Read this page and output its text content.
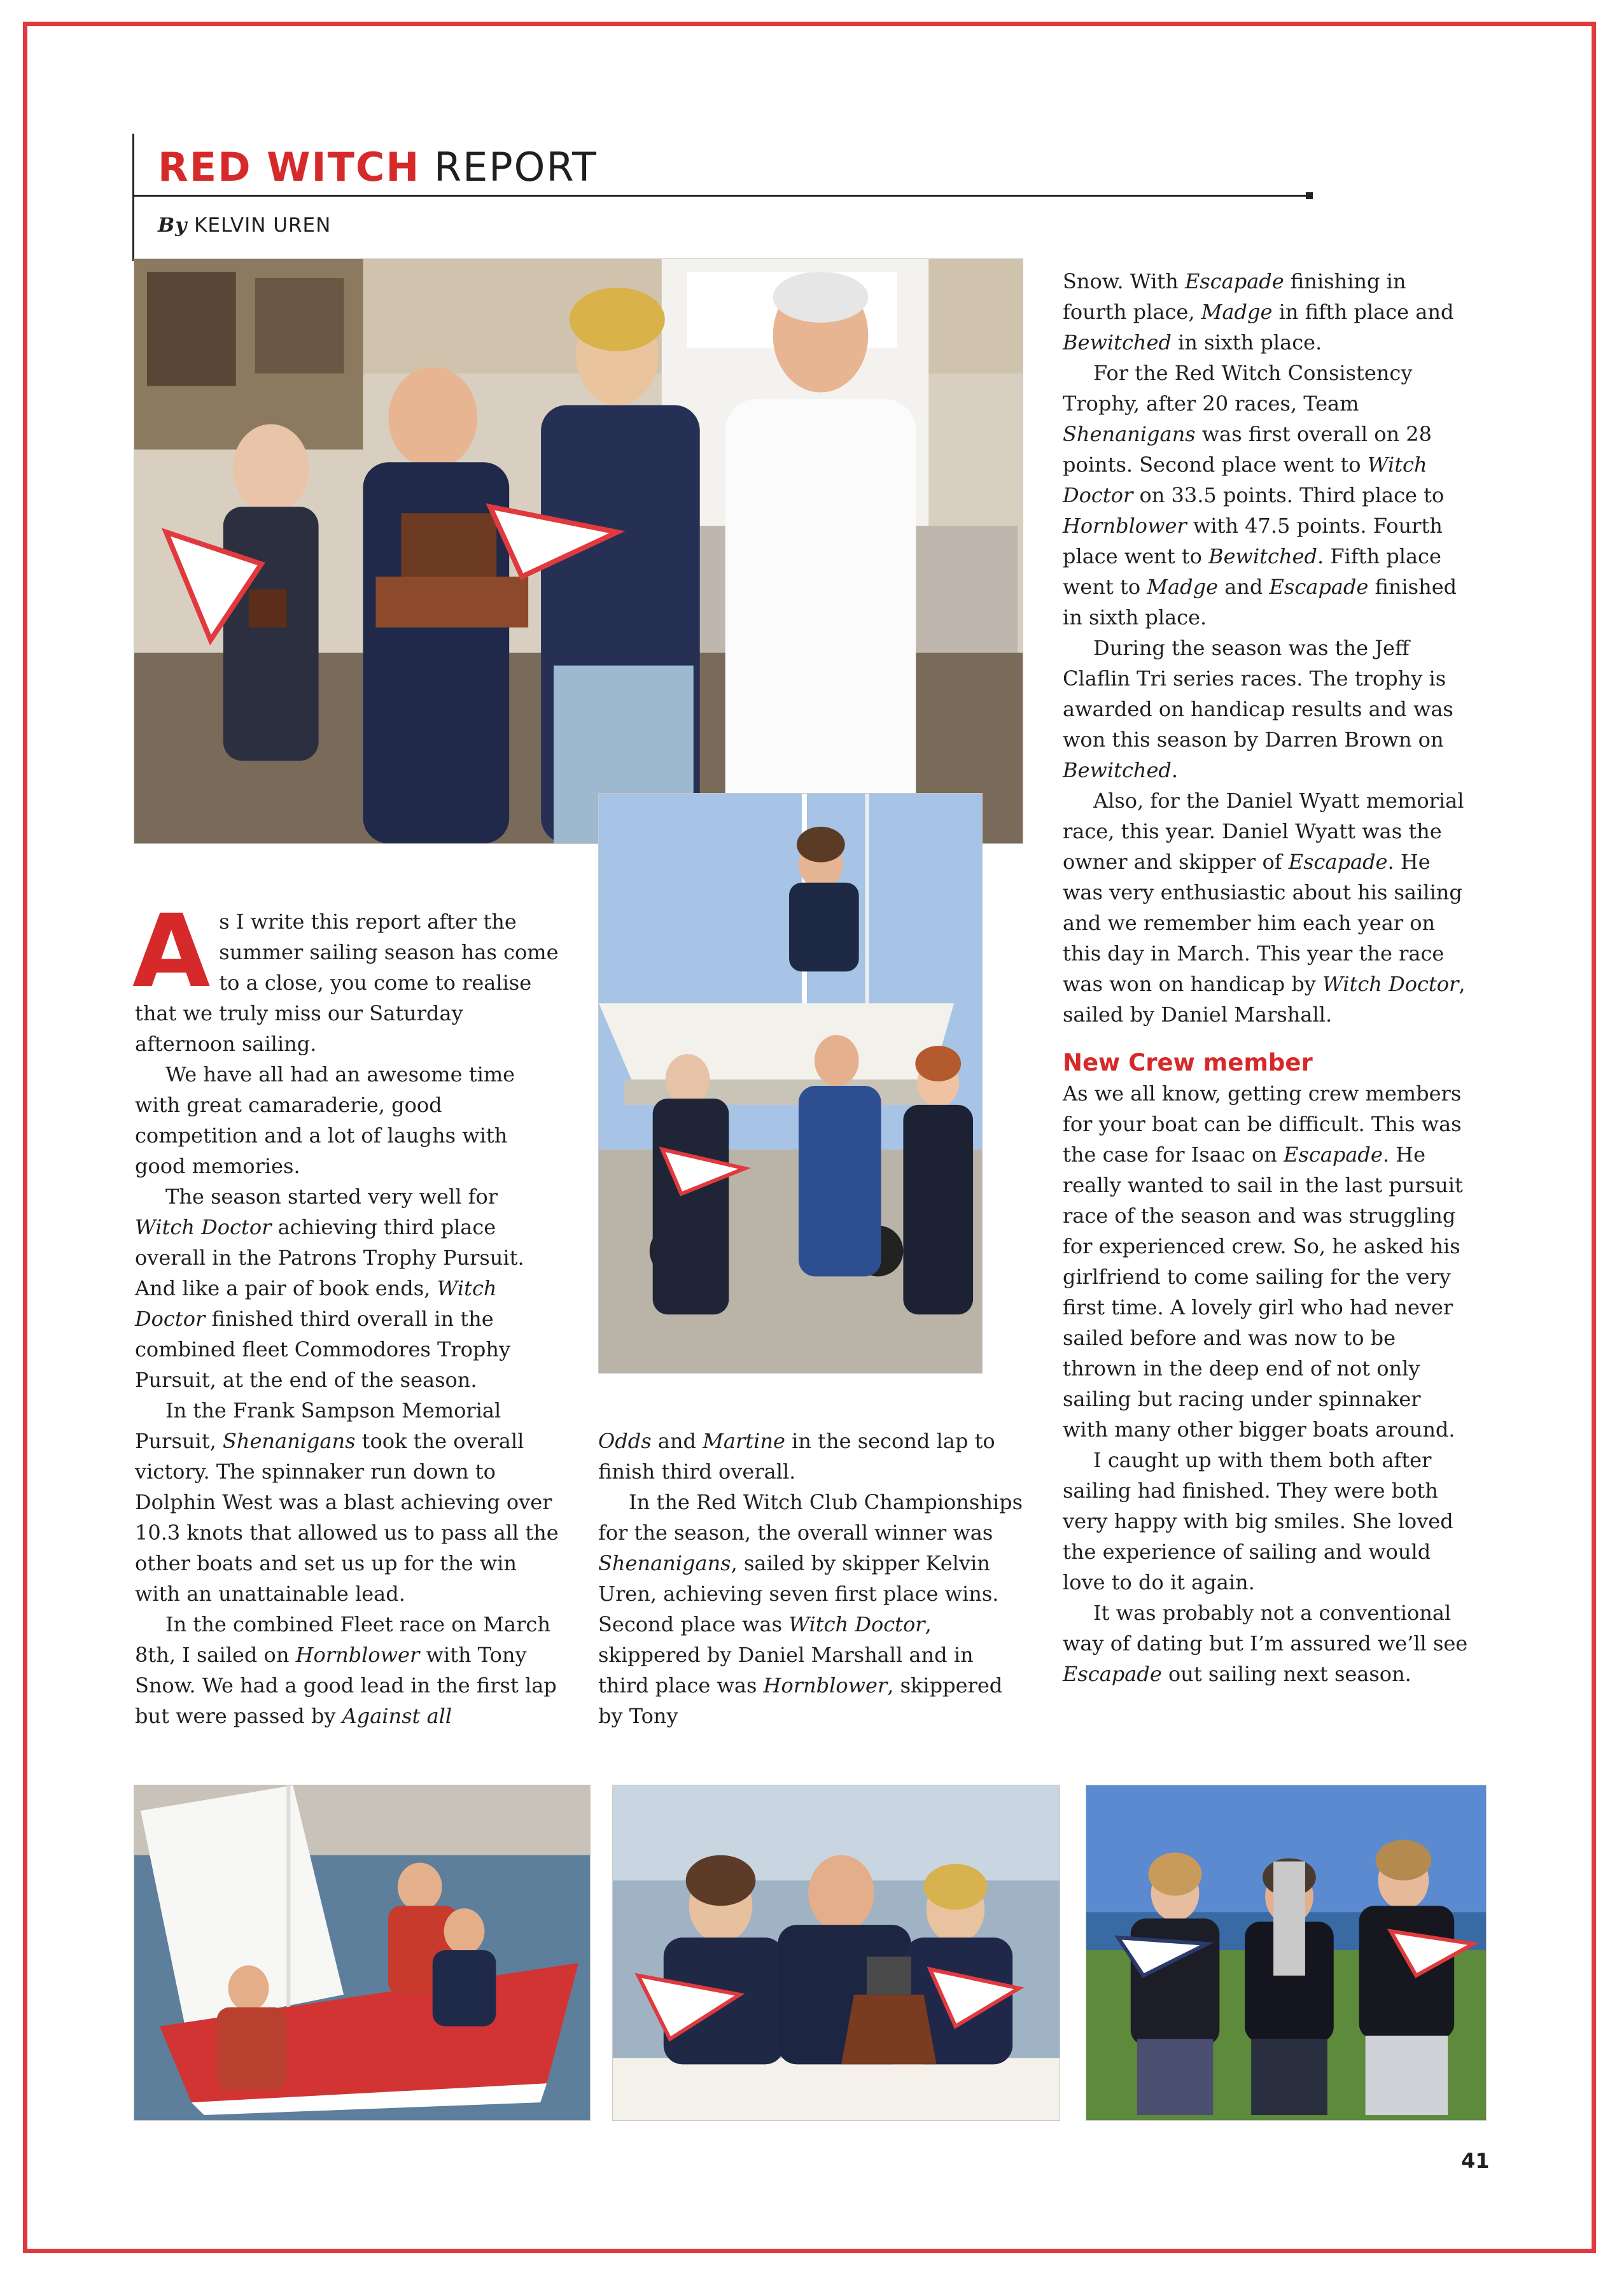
RED WITCH REPORT
By KELVIN UREN

As I write this report after the summer sailing season has come to a close, you come to realise that we truly miss our Saturday afternoon sailing.

We have all had an awesome time with great camaraderie, good competition and a lot of laughs with good memories.

The season started very well for Witch Doctor achieving third place overall in the Patrons Trophy Pursuit. And like a pair of book ends, Witch Doctor finished third overall in the combined fleet Commodores Trophy Pursuit, at the end of the season.

In the Frank Sampson Memorial Pursuit, Shenanigans took the overall victory. The spinnaker run down to Dolphin West was a blast achieving over 10.3 knots that allowed us to pass all the other boats and set us up for the win with an unattainable lead.

In the combined Fleet race on March 8th, I sailed on Hornblower with Tony Snow. We had a good lead in the first lap but were passed by Against all

Odds and Martine in the second lap to finish third overall.

In the Red Witch Club Championships for the season, the overall winner was Shenanigans, sailed by skipper Kelvin Uren, achieving seven first place wins. Second place was Witch Doctor, skippered by Daniel Marshall and in third place was Hornblower, skippered by Tony

Snow. With Escapade finishing in fourth place, Madge in fifth place and Bewitched in sixth place.

For the Red Witch Consistency Trophy, after 20 races, Team Shenanigans was first overall on 28 points. Second place went to Witch Doctor on 33.5 points. Third place to Hornblower with 47.5 points. Fourth place went to Bewitched. Fifth place went to Madge and Escapade finished in sixth place.

During the season was the Jeff Claflin Tri series races. The trophy is awarded on handicap results and was won this season by Darren Brown on Bewitched.

Also, for the Daniel Wyatt memorial race, this year. Daniel Wyatt was the owner and skipper of Escapade. He was very enthusiastic about his sailing and we remember him each year on this day in March. This year the race was won on handicap by Witch Doctor, sailed by Daniel Marshall.

New Crew member

As we all know, getting crew members for your boat can be difficult. This was the case for Isaac on Escapade. He really wanted to sail in the last pursuit race of the season and was struggling for experienced crew. So, he asked his girlfriend to come sailing for the very first time. A lovely girl who had never sailed before and was now to be thrown in the deep end of not only sailing but racing under spinnaker with many other bigger boats around.

I caught up with them both after sailing had finished. They were both very happy with big smiles. She loved the experience of sailing and would love to do it again.

It was probably not a conventional way of dating but I’m assured we’ll see Escapade out sailing next season.

41
